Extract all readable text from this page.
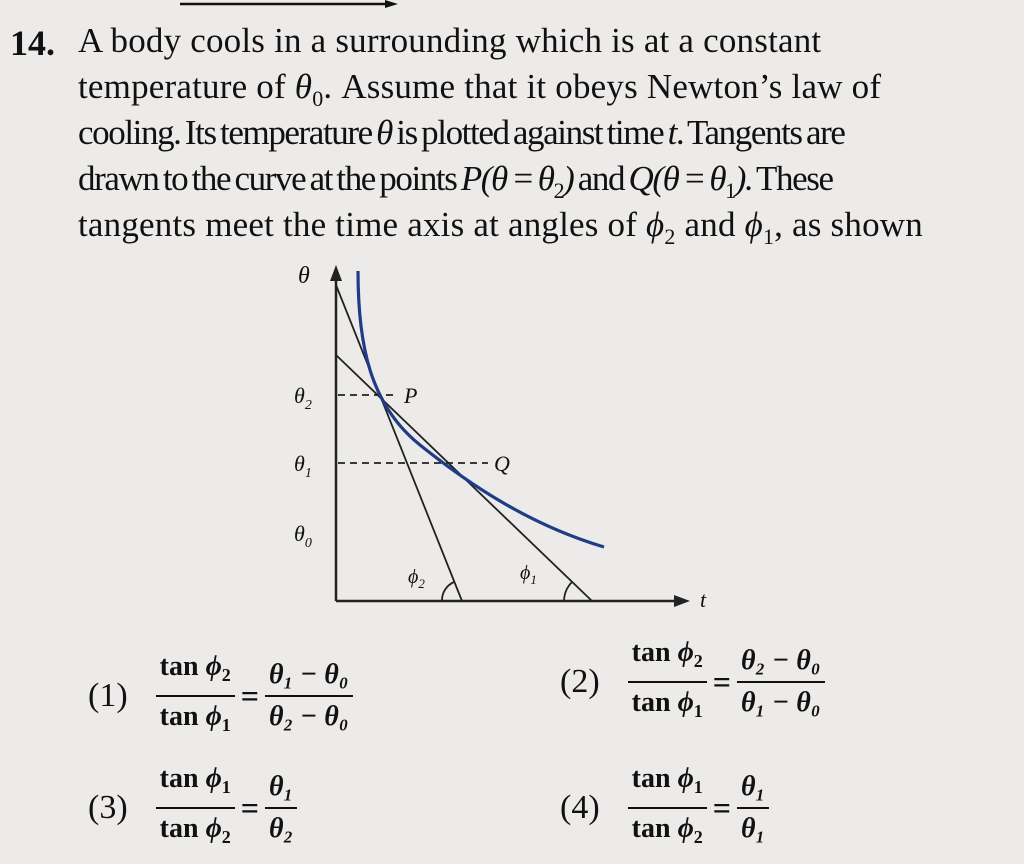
14. A body cools in a surrounding which is at a constant
temperature of $\theta_0$. Assume that it obeys Newton’s law of
cooling. Its temperature θ is plotted against time t. Tangents are
drawn to the curve at the points $P(\theta = \theta_2)$ and $Q(\theta = \theta_1)$. These
tangents meet the time axis at angles of $\phi_2$ and $\phi_1$, as shown
θ
t
$\theta_2$
$\theta_1$
$\theta_0$
P
Q
$\phi_2$	$\phi_1$
$(1) \frac{\tan \phi_2}{\tan \phi_1} = \frac{\text{θ₁ − θ₀}}{\text{θ₂ − θ₀}}$	$(2) \frac{\tan \phi_2}{\tan \phi_1} = \frac{\text{θ₂ − θ₀}}{\text{θ₁ − θ₀}}$
$(3) \frac{\tan \phi_1}{\tan \phi_2} = \frac{\text{θ₁}}{\text{θ₂}}$	$(4) \frac{\tan \phi_1}{\tan \phi_2} = \frac{\text{θ₁}}{\text{θ₁}}$
